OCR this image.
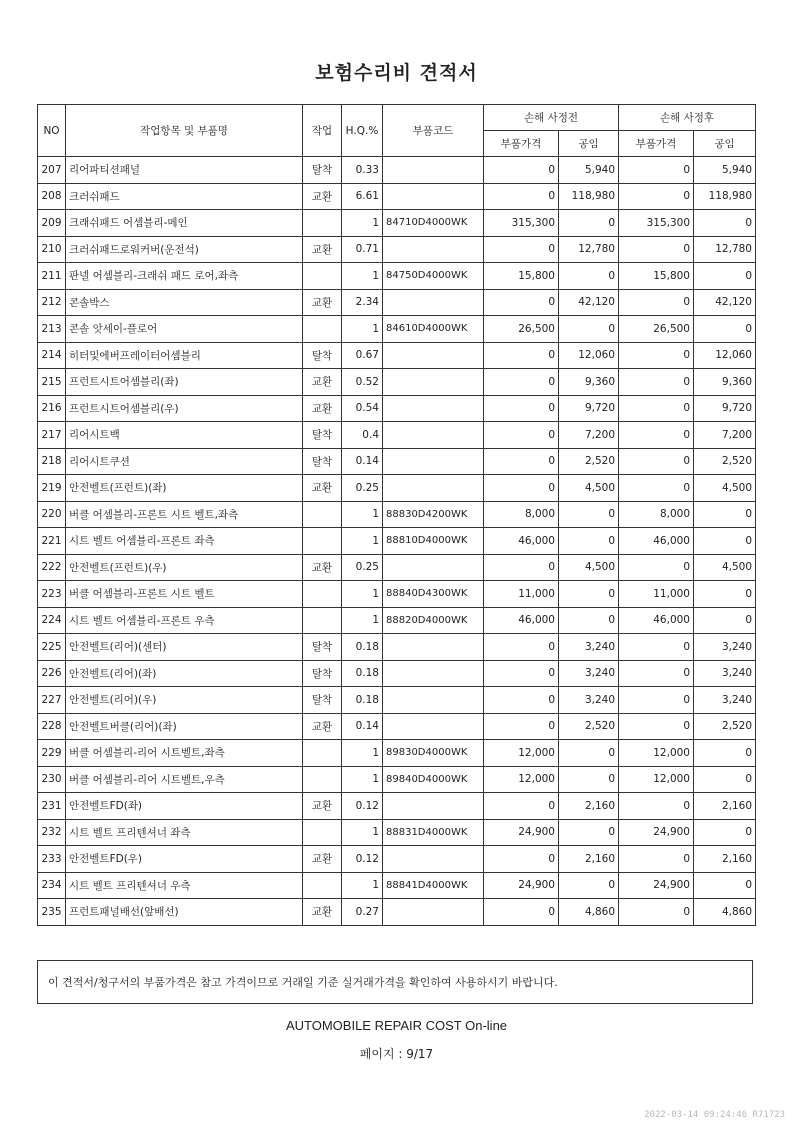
보험수리비 견적서
NO	작업항목 및 부품명	작업	H.Q.%	부품코드	손해 사정전		손해 사정후	
					부품가격	공임	부품가격	공임
207	리어파티션패널	탈착	0.33		0	5,940	0	5,940
208	크러쉬패드	교환	6.61		0	118,980	0	118,980
209	크래쉬패드 어셈블리-메인		1	84710D4000WK	315,300	0	315,300	0
210	크러쉬패드로워커버(운전석)	교환	0.71		0	12,780	0	12,780
211	판넬 어셈블리-크래쉬 패드 로어,좌측		1	84750D4000WK	15,800	0	15,800	0
212	콘솔박스	교환	2.34		0	42,120	0	42,120
213	콘솔 앗세이-플로어		1	84610D4000WK	26,500	0	26,500	0
214	히터및에버프레이터어셈블리	탈착	0.67		0	12,060	0	12,060
215	프런트시트어셈블리(좌)	교환	0.52		0	9,360	0	9,360
216	프런트시트어셈블리(우)	교환	0.54		0	9,720	0	9,720
217	리어시트백	탈착	0.4		0	7,200	0	7,200
218	리어시트쿠션	탈착	0.14		0	2,520	0	2,520
219	안전벨트(프런트)(좌)	교환	0.25		0	4,500	0	4,500
220	버클 어셈블리-프론트 시트 벨트,좌측		1	88830D4200WK	8,000	0	8,000	0
221	시트 벨트 어셈블리-프론트 좌측		1	88810D4000WK	46,000	0	46,000	0
222	안전벨트(프런트)(우)	교환	0.25		0	4,500	0	4,500
223	버클 어셈블리-프론트 시트 벨트		1	88840D4300WK	11,000	0	11,000	0
224	시트 벨트 어셈블리-프론트 우측		1	88820D4000WK	46,000	0	46,000	0
225	안전벨트(리어)(센터)	탈착	0.18		0	3,240	0	3,240
226	안전벨트(리어)(좌)	탈착	0.18		0	3,240	0	3,240
227	안전벨트(리어)(우)	탈착	0.18		0	3,240	0	3,240
228	안전벨트버클(리어)(좌)	교환	0.14		0	2,520	0	2,520
229	버클 어셈블리-리어 시트벨트,좌측		1	89830D4000WK	12,000	0	12,000	0
230	버클 어셈블리-리어 시트벨트,우측		1	89840D4000WK	12,000	0	12,000	0
231	안전벨트FD(좌)	교환	0.12		0	2,160	0	2,160
232	시트 벨트 프리텐셔너 좌측		1	88831D4000WK	24,900	0	24,900	0
233	안전벨트FD(우)	교환	0.12		0	2,160	0	2,160
234	시트 벨트 프리텐셔너 우측		1	88841D4000WK	24,900	0	24,900	0
235	프런트패널배선(앞배선)	교환	0.27		0	4,860	0	4,860
이 견적서/청구서의 부품가격은 참고 가격이므로 거래일 기준 실거래가격을 확인하여 사용하시기 바랍니다.
AUTOMOBILE REPAIR COST On-line
페이지 : 9/17
2022-03-14 09:24:46 R71723
